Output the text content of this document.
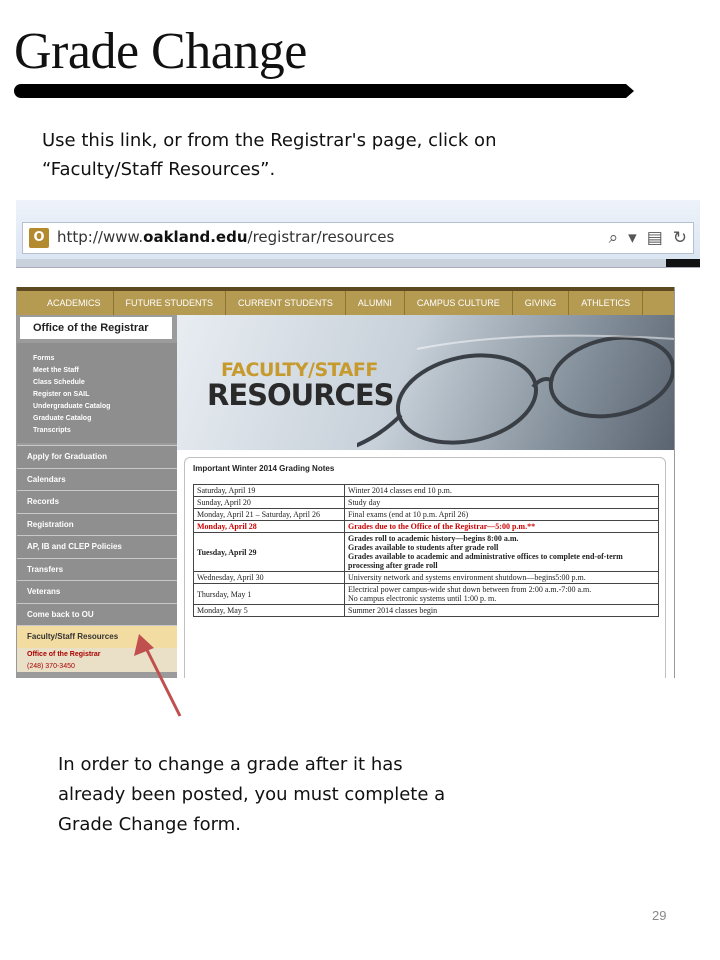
Grade Change
Use this link, or from the Registrar's page, click on “Faculty/Staff Resources”.
O http://www.oakland.edu/registrar/resources	⌕ ▾ ▤ ↻
ACADEMICS	FUTURE STUDENTS	CURRENT STUDENTS	ALUMNI	CAMPUS CULTURE	GIVING	ATHLETICS
Office of the Registrar
Forms
Meet the Staff
Class Schedule
Register on SAIL
Undergraduate Catalog
Graduate Catalog
Transcripts
Apply for Graduation
Calendars
Records
Registration
AP, IB and CLEP Policies
Transfers
Veterans
Come back to OU
Faculty/Staff Resources
Office of the Registrar
(248) 370-3450
FACULTY/STAFF
RESOURCES
Important Winter 2014 Grading Notes
Saturday, April 19	Winter 2014 classes end 10 p.m.
Sunday, April 20	Study day
Monday, April 21 – Saturday, April 26	Final exams (end at 10 p.m. April 26)
Monday, April 28	Grades due to the Office of the Registrar—5:00 p.m.**
Tuesday, April 29	Grades roll to academic history—begins 8:00 a.m.
Grades available to students after grade roll
Grades available to academic and administrative offices to complete end-of-term processing after grade roll

Wednesday, April 30	University network and systems environment shutdown—begins5:00 p.m.
Thursday, May 1	Electrical power campus-wide shut down between from 2:00 a.m.-7:00 a.m.
No campus electronic systems until 1:00 p. m.

Monday, May 5	Summer 2014 classes begin
In order to change a grade after it has already been posted, you must complete a Grade Change form.
29
